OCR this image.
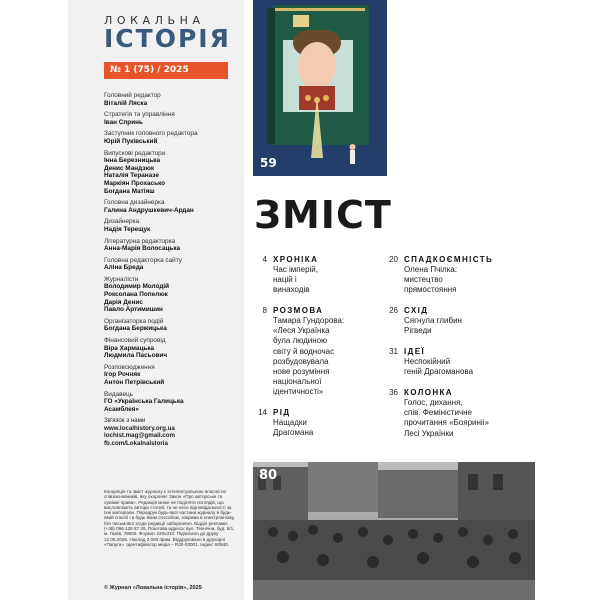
ЛОКАЛЬНА
ІСТОРІЯ
№ 1 (75) / 2025
Головний редактор
Віталій Ляска
Стратегія та управління
Іван Спринь
Заступник головного редактора
Юрій Пуківський
Випускові редактори
Інна Березницька
Денис Мандзюк
Наталія Тераназе
Маркіян Прохасько
Богдана Матіяш
Головна дизайнерка
Галина Андрушкевич-Ардан
Дизайнерка
Надія Терещук
Літературна редакторка
Анна-Марія Волосацька
Головна редакторка сайту
Аліна Бреда
Журналісти
Володимир Молодій
Роксолана Попелюк
Дарія Денис
Павло Артимишин
Організаторка подій
Богдана Бержицька
Фінансовий супровід
Віра Хармацька
Людмила Пасьович
Розповсюдження
Ігор Рочняк
Антон Петрівський
Видавець
ГО «Українська Галицька
Асамблея»
Зв'язок з нами
www.localhistory.org.ua
lochist.mag@gmail.com
fb.com/Lokalnalstoria
Концепція та зміст журналу є інтелектуальною власністю співзасновників, яку охороняє Закон «Про авторське та суміжні права». Редакція може не поділяти поглядів, що висловлюють автори статей, та не несе відповідальності за їхні матеріали. Передрук будь-якої частини журналу в будь-який спосіб і в будь-яким способом, зокрема в електронному, без письмової згоди редакції заборонено. Відділ реклами: (+38) 096 126 87 26. Поштова адреса: вул. Технічна, буд. 6/1, м. Львів, 79000. Формат 220х310. Підписано до друку 12.05.2025. Наклад 3 000 прим. Віддруковано в друкарні «Папуга». Ідентифікатор медіа – R30-03001. Індекс 60940.
© Журнал «Локальна історія», 2025
59
ЗМІСТ
4 ХРОНІКА
Час імперій,
націй і
винаходів
8 РОЗМОВА
Тамара Гундорова:
«Леся Українка
була людиною
світу й водночас
розбудовувала
нове розуміння
національної
ідентичності»
14 РІД
Нащадки
Драгомана
20 СПАДКОЄМНІСТЬ
Олена Пчілка:
мистецтво
прямостояння
26 СХІД
Сягнула глибин
Рігведи
31 ІДЕЇ
Неспокійний
геній Драгоманова
36 КОЛОНКА
Голос, дихання,
спів. Феміністичне
прочитання «Бояриніі»
Лесі Українки
80
